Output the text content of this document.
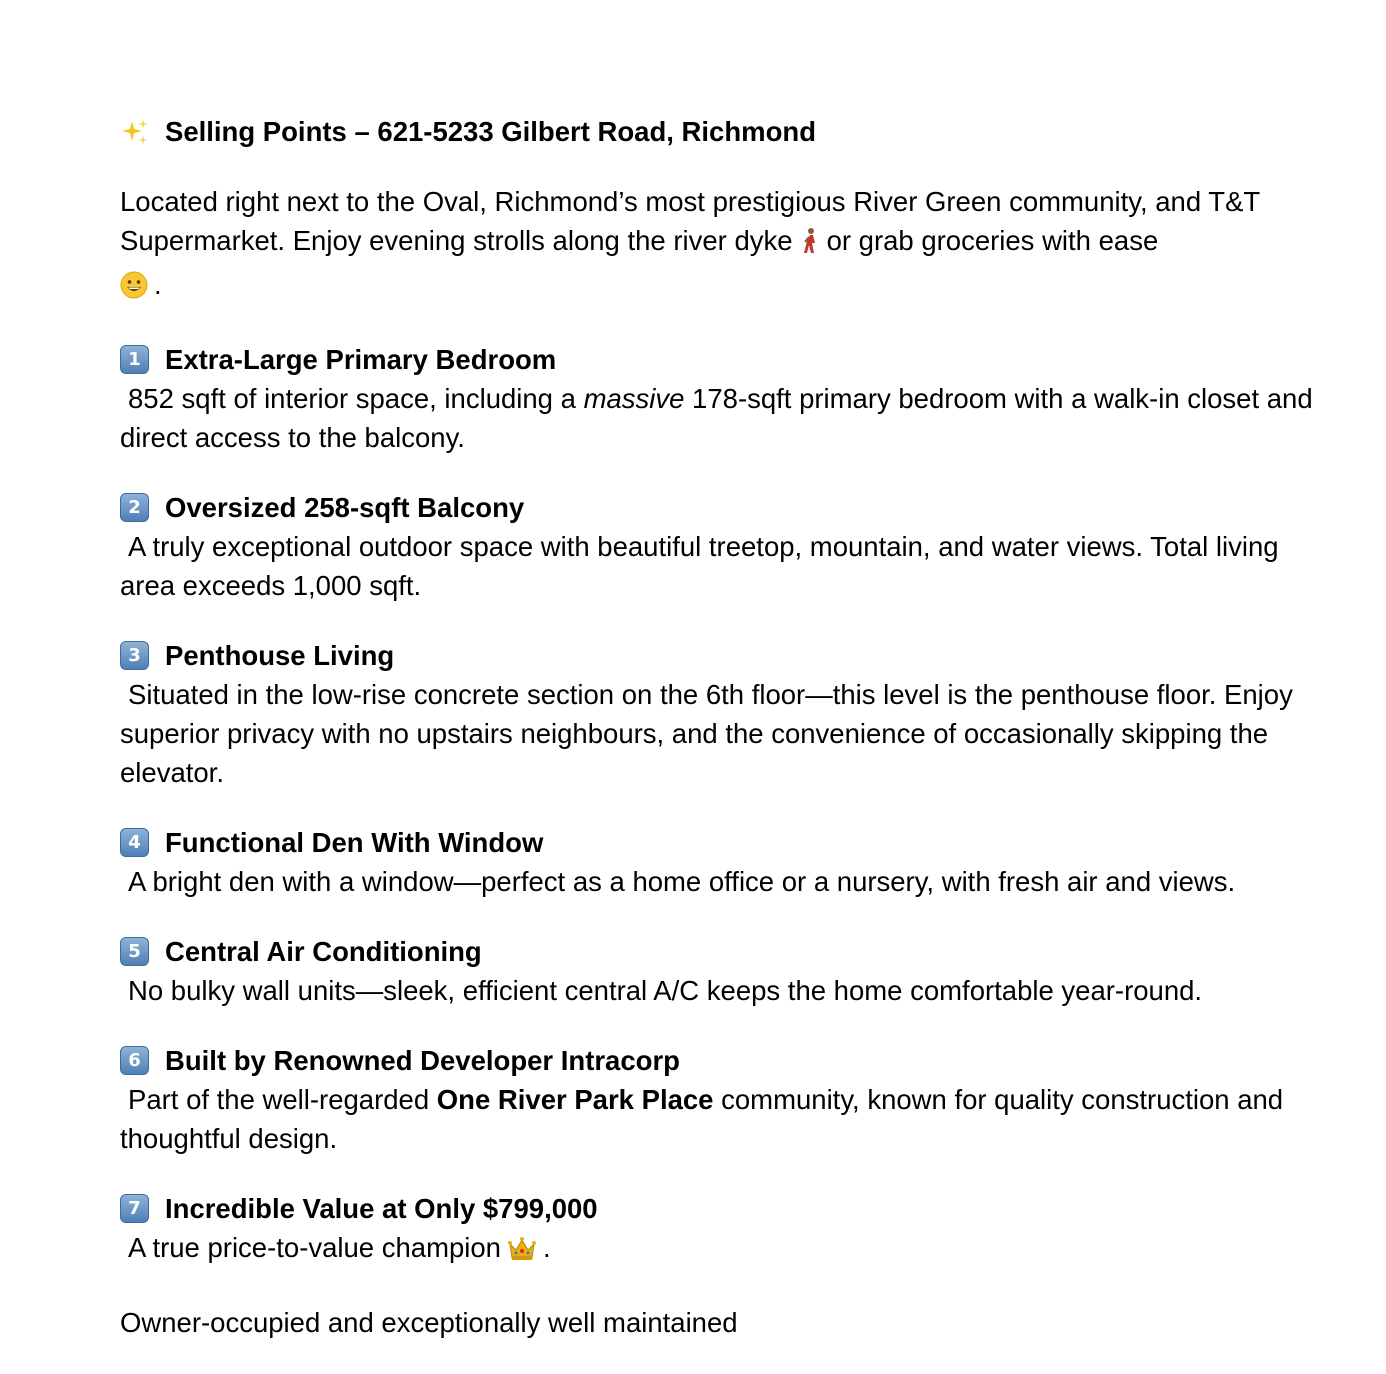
Selling Points – 621-5233 Gilbert Road, Richmond

Located right next to the Oval, Richmond’s most prestigious River Green community, and T&T Supermarket. Enjoy evening strolls along the river dyke or grab groceries with ease
.

1 Extra-Large Primary Bedroom
852 sqft of interior space, including a massive 178-sqft primary bedroom with a walk-in closet and direct access to the balcony.
2 Oversized 258-sqft Balcony
A truly exceptional outdoor space with beautiful treetop, mountain, and water views. Total living area exceeds 1,000 sqft.
3 Penthouse Living
Situated in the low-rise concrete section on the 6th floor—this level is the penthouse floor. Enjoy superior privacy with no upstairs neighbours, and the convenience of occasionally skipping the elevator.
4 Functional Den With Window
A bright den with a window—perfect as a home office or a nursery, with fresh air and views.
5 Central Air Conditioning
No bulky wall units—sleek, efficient central A/C keeps the home comfortable year-round.
6 Built by Renowned Developer Intracorp
Part of the well-regarded One River Park Place community, known for quality construction and thoughtful design.
7 Incredible Value at Only $799,000
A true price-to-value champion .

Owner-occupied and exceptionally well maintained
